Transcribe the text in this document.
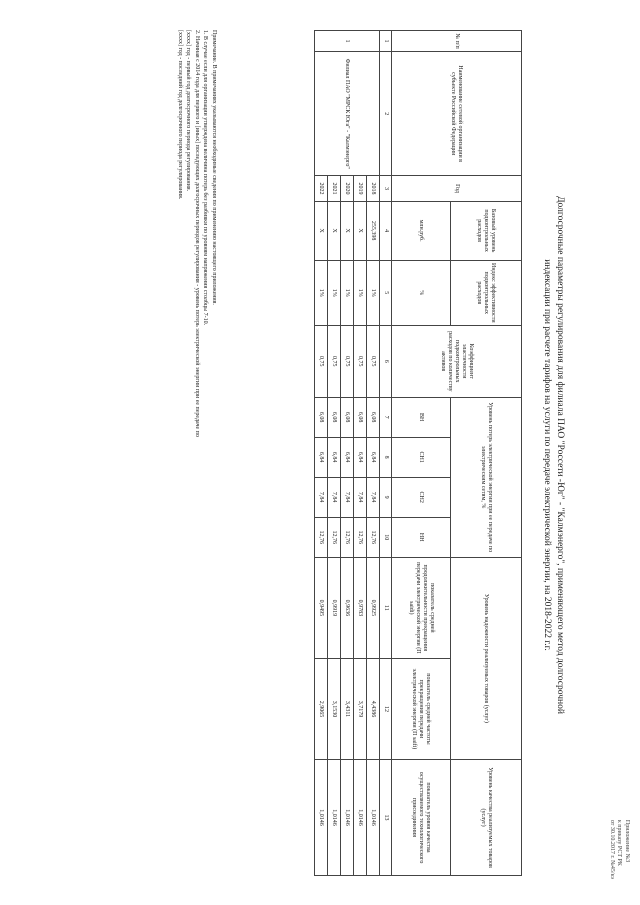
Приложение №3
к приказу РСТ РК
от 30.10.2017 г. №45/кэ
Долгосрочные параметры регулирования для филиала ПАО "Россети -Юг" - "Калмэнерго", применяющего метод долгосрочной
индексации при расчете тарифов на услуги по передаче электрической энергии, на 2018-2022 г.г.
№ п/п	Наименование сетевой организации в субъекте Российской Федерации	Год	Базовый уровень подконтрольных расходов	Индекс эффективности подконтрольных расходов	Коэффициент эластичности подконтрольных расходов по количеству активов	Уровень потерь электрической энергии при ее передаче по электрическим сетям, %				Уровень надежности реализуемых товаров (услуг)		Уровень качества реализуемых товаров (услуг)
										показатель средней продолжительности прекращения передачи электрической энергии (П saidi)	показатель средней частоты прекращения передачи электрической энергии (П saifi)	показатель уровня качества осуществляемого технологического присоединения
			млн.руб.	%		ВН	СН1	СН2	НН			
1	2	3	4	5	6	7	8	9	10	11	12	13
1	Филиал ПАО "МРСК Юга" - "Калмэнерго"	2018	255,398	1%	0,75	6,08	6,84	7,84	12,76	0,9925	4,4386	1,0146
		2019	X	1%	0,75	6,08	6,84	7,84	12,76	0,9783	3,7179	1,0146
		2020	X	1%	0,75	6,08	6,84	7,84	12,76	0,9636	3,4311	1,0146
		2021	X	1%	0,75	6,08	6,84	7,84	12,76	0,9919	3,1530	1,0146
		2022	X	1%	0,75	6,08	6,84	7,84	12,76	0,9495	2,9065	1,0146
Примечание. В примечаниях указываются необходимые сведения по применению настоящего приложения.
1. В случае если для организации утверждена величина потерь без разбивки по уровням напряжения столбцы 7-10.
2. Начиная с 2014 года для первого и [иных] последующих долгосрочных периодов регулирования - уровень потерь электрической энергии при ее передаче по
[хххх] год - первый год долгосрочного периода регулирования.
[хххх] год - последний год долгосрочного периода регулирования.
